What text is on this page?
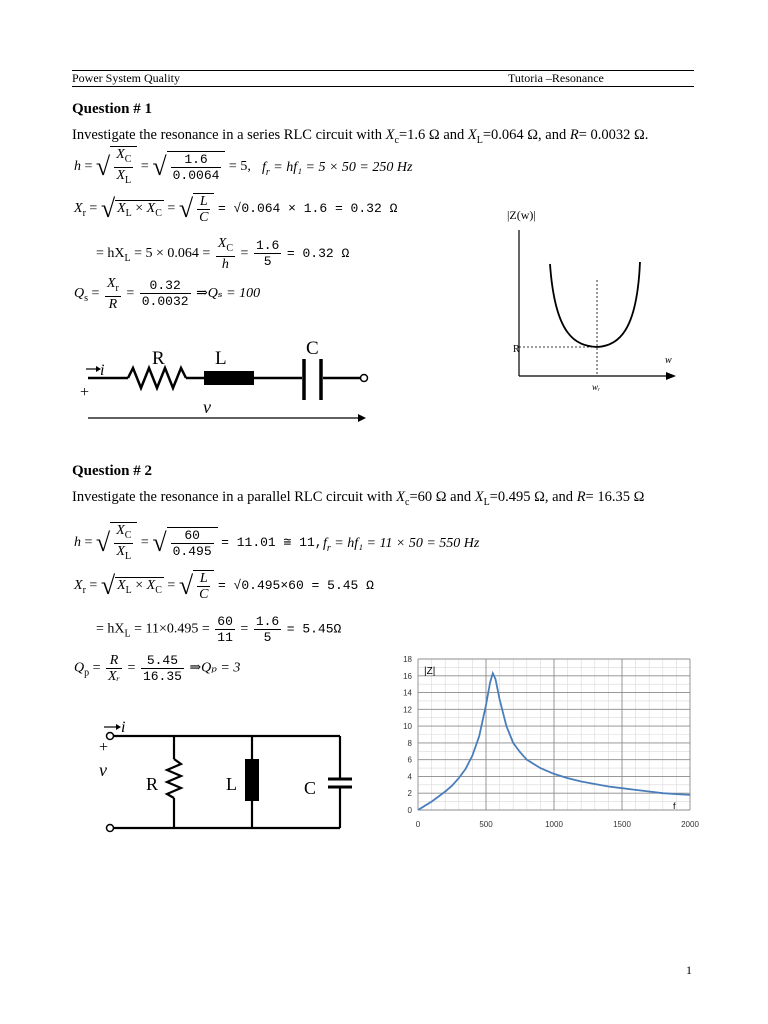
Power System Quality	Tutoria –Resonance
Question # 1
Investigate the resonance in a series RLC circuit with $X_c=1.6$ Ω and $X_L=0.064$ Ω, and R= 0.0032 Ω.
h = √ $\frac{X_C}{X_L}$ = √ $\frac{1.6}{0.0064} = 5$, $f_r = hf_1 = 5 \times 50 = 250$ Hz
$X_r$ = √ $X_L \times X_C$ = √ $\frac{L}{C} = √0.064 \times 1.6 = 0.32$ Ω
= $hX_L = 5 \times 0.064 = \frac{X_C}{h} = \frac{1.6}{5} = 0.32$ Ω
$Q_s = \frac{X_r}{R} = \frac{0.32}{0.0032}$ ⇒Qₛ = 100
i
+
R	L	C
v
|Z(w)|
R
w
wᵣ
Question # 2
Investigate the resonance in a parallel RLC circuit with $X_c=60$ Ω and $X_L=0.495$ Ω, and R= 16.35 Ω
h = √ $\frac{X_C}{X_L}$ = √ $\frac{60}{0.495} = 11.01$ ≅ 11, $f_r = hf_1 = 11 \times 50 = 550$ Hz
$X_r$ = √ $X_L \times X_C$ = √ $\frac{L}{C} = √0.495\times 60 = 5.45$ Ω
= $hX_L = 11\times 0.495 = \frac{60}{11} = \frac{1.6}{5} = 5.45\Omega$
$Q_p = \frac{R}{\text{Xᵣ}} = \frac{5.45}{16.35}$ ⇒Qₚ = 3
i
+
v
R	L	C
0	500	1000	1500	2000
0
2
4
6
8
10
12
14
16
18
|Z|
f
1
